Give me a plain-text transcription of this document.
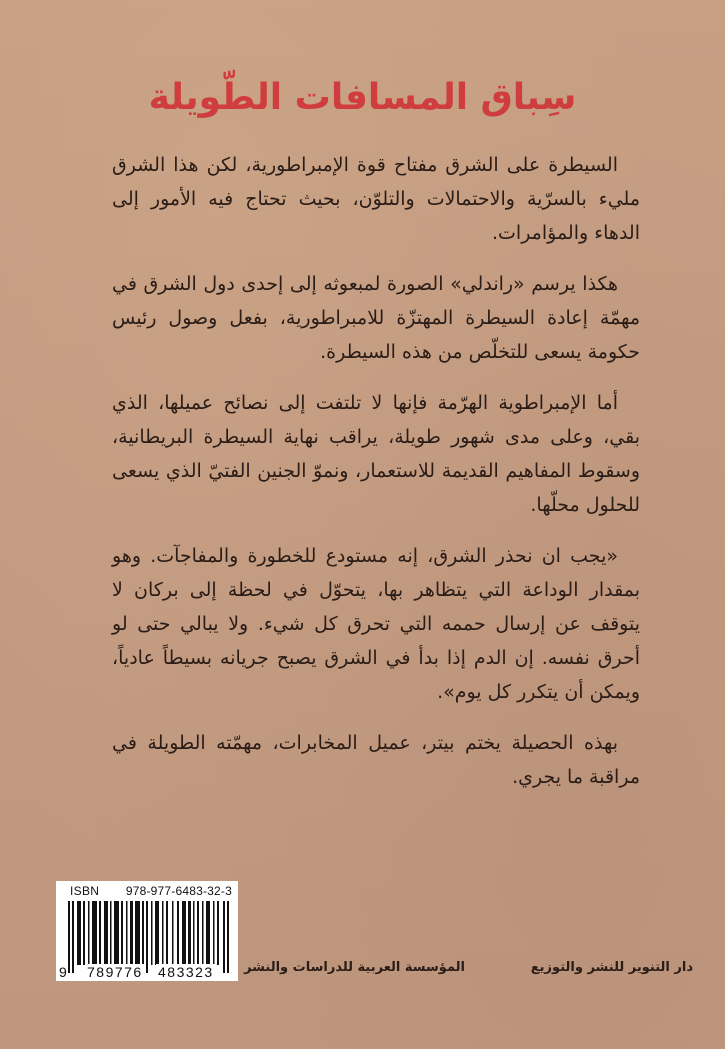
سِباق المسافات الطّويلة

السيطرة على الشرق مفتاح قوة الإمبراطورية، لكن هذا الشرق مليء بالسرّية والاحتمالات والتلوّن، بحيث تحتاج فيه الأمور إلى الدهاء والمؤامرات.

هكذا يرسم «راندلي» الصورة لمبعوثه إلى إحدى دول الشرق في مهمّة إعادة السيطرة المهتزّة للامبراطورية، بفعل وصول رئيس حكومة يسعى للتخلّص من هذه السيطرة.

أما الإمبراطوية الهرّمة فإنها لا تلتفت إلى نصائح عميلها، الذي بقي، وعلى مدى شهور طويلة، يراقب نهاية السيطرة البريطانية، وسقوط المفاهيم القديمة للاستعمار، ونموّ الجنين الفتيّ الذي يسعى للحلول محلّها.

«يجب ان نحذر الشرق، إنه مستودع للخطورة والمفاجآت. وهو بمقدار الوداعة التي يتظاهر بها، يتحوّل في لحظة إلى بركان لا يتوقف عن إرسال حممه التي تحرق كل شيء. ولا يبالي حتى لو أحرق نفسه. إن الدم إذا بدأ في الشرق يصبح جريانه بسيطاً عادياً، ويمكن أن يتكرر كل يوم».

بهذه الحصيلة يختم بيتر، عميل المخابرات، مهمّته الطويلة في مراقبة ما يجري.

ISBN 978-977-6483-32-3
9 789776 483323	دار التنوير للنشر والتوزيع
المؤسسة العربية للدراسات والنشر
